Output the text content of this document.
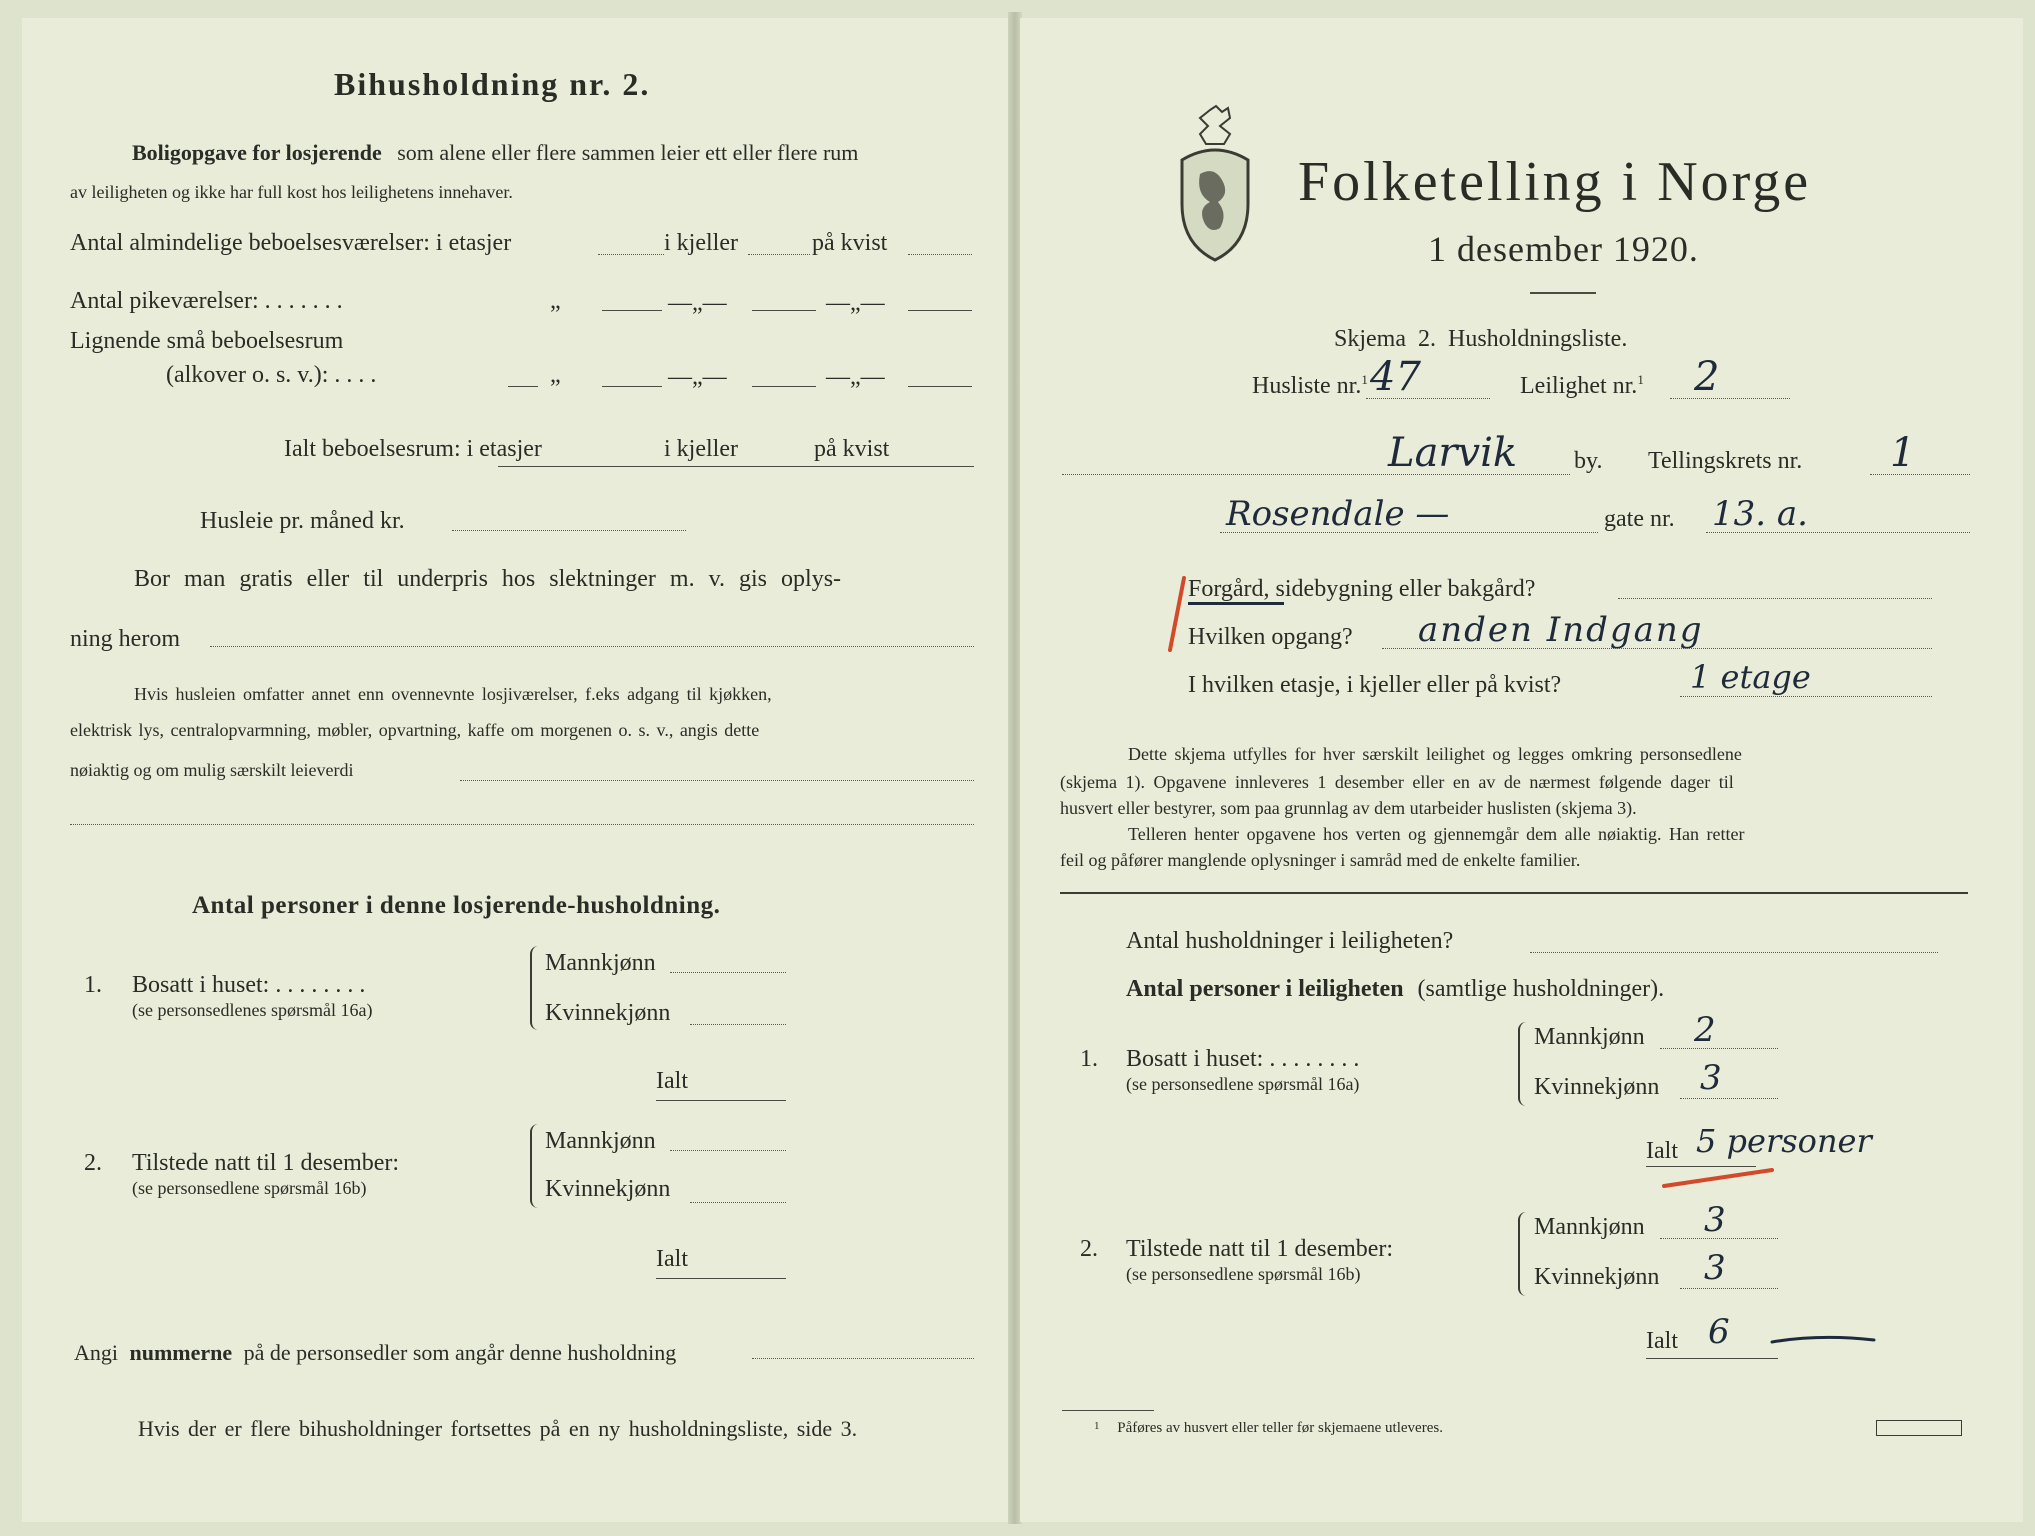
Bihusholdning nr. 2.
Boligopgave for losjerende som alene eller flere sammen leier ett eller flere rum
av leiligheten og ikke har full kost hos leilighetens innehaver.
Antal almindelige beboelsesværelser: i etasjer	i kjeller	på kvist
Antal pikeværelser: . . . . . . .	„	—„—	—„—
Lignende små beboelsesrum
(alkover o. s. v.): . . . .	„	—„—	—„—
Ialt beboelsesrum: i etasjer	i kjeller	på kvist
Husleie pr. måned kr.
Bor man gratis eller til underpris hos slektninger m. v. gis oplys-
ning herom
Hvis husleien omfatter annet enn ovennevnte losjiværelser, f.eks adgang til kjøkken,
elektrisk lys, centralopvarmning, møbler, opvartning, kaffe om morgenen o. s. v., angis dette
nøiaktig og om mulig særskilt leieverdi
Antal personer i denne losjerende-husholdning.
1. Bosatt i huset: . . . . . . . .
(se personsedlenes spørsmål 16a)
Mannkjønn
Kvinnekjønn
Ialt
2. Tilstede natt til 1 desember:
(se personsedlene spørsmål 16b)
Mannkjønn
Kvinnekjønn
Ialt
Angi nummerne på de personsedler som angår denne husholdning
Hvis der er flere bihusholdninger fortsettes på en ny husholdningsliste, side 3.
Folketelling i Norge
1 desember 1920.
Skjema 2. Husholdningsliste.
Husliste nr.$^1$ 47	Leilighet nr.$^1$ 2
Larvik by. Tellingskrets nr. 1
Rosendale —	gate nr. 13. a.
Forgård, sidebygning eller bakgård?
Hvilken opgang? anden Indgang
I hvilken etasje, i kjeller eller på kvist?	1 etage
Dette skjema utfylles for hver særskilt leilighet og legges omkring personsedlene
(skjema 1). Opgavene innleveres 1 desember eller en av de nærmest følgende dager til
husvert eller bestyrer, som paa grunnlag av dem utarbeider huslisten (skjema 3).
Telleren henter opgavene hos verten og gjennemgår dem alle nøiaktig. Han retter
feil og påfører manglende oplysninger i samråd med de enkelte familier.
Antal husholdninger i leiligheten?
Antal personer i leiligheten (samtlige husholdninger).
1. Bosatt i huset: . . . . . . . .
(se personsedlene spørsmål 16a)
Mannkjønn 2
Kvinnekjønn 3
Ialt 5 personer
2. Tilstede natt til 1 desember:
(se personsedlene spørsmål 16b)
Mannkjønn 3
Kvinnekjønn 3
Ialt 6
$^1$ Påføres av husvert eller teller før skjemaene utleveres.
